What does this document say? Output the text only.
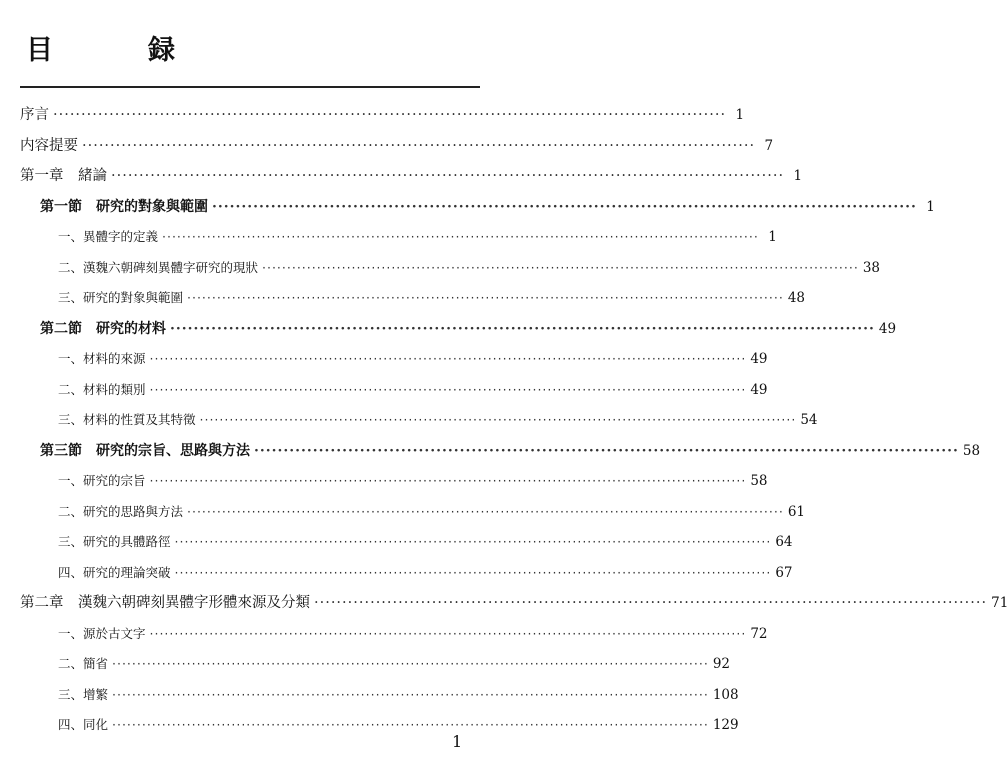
目　録
序言 ························································································································ 1
内容提要 ························································································································ 7
第一章　緒論 ························································································································ 1
第一節　研究的對象與範圍 ························································································································ 1
一、異體字的定義 ························································································································ 1
二、漢魏六朝碑刻異體字研究的現狀 ························································································································ 38
三、研究的對象與範圍 ························································································································ 48
第二節　研究的材料 ························································································································ 49
一、材料的來源 ························································································································ 49
二、材料的類別 ························································································································ 49
三、材料的性質及其特徵 ························································································································ 54
第三節　研究的宗旨、思路與方法 ························································································································ 58
一、研究的宗旨 ························································································································ 58
二、研究的思路與方法 ························································································································ 61
三、研究的具體路徑 ························································································································ 64
四、研究的理論突破 ························································································································ 67
第二章　漢魏六朝碑刻異體字形體來源及分類 ························································································································ 71
一、源於古文字 ························································································································ 72
二、簡省 ························································································································ 92
三、增繁 ························································································································ 108
四、同化 ························································································································ 129
1
